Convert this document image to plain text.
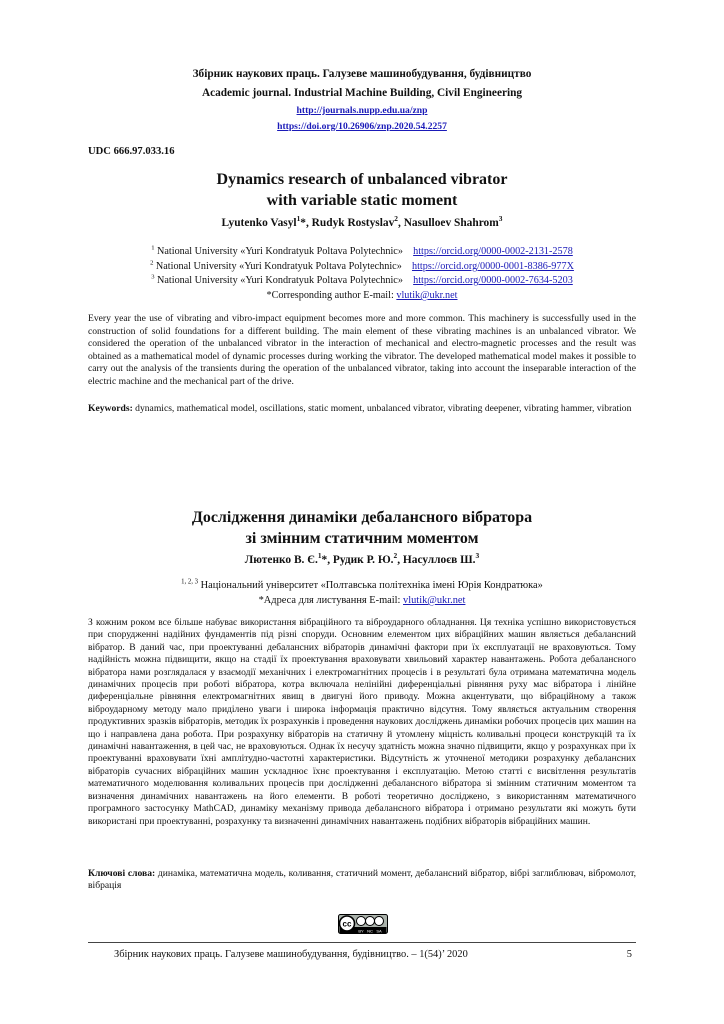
Збірник наукових праць. Галузеве машинобудування, будівництво
Academic journal. Industrial Machine Building, Civil Engineering
http://journals.nupp.edu.ua/znp
https://doi.org/10.26906/znp.2020.54.2257
UDC 666.97.033.16
Dynamics research of unbalanced vibrator
with variable static moment
Lyutenko Vasyl$^1$*, Rudyk Rostyslav$^2$, Nasulloev Shahrom$^3$
$^1$ National University «Yuri Kondratyuk Poltava Polytechnic» https://orcid.org/0000-0002-2131-2578
$^2$ National University «Yuri Kondratyuk Poltava Polytechnic» https://orcid.org/0000-0001-8386-977X
$^3$ National University «Yuri Kondratyuk Poltava Polytechnic» https://orcid.org/0000-0002-7634-5203
*Corresponding author E-mail: vlutik@ukr.net
Every year the use of vibrating and vibro-impact equipment becomes more and more common. This machinery is successfully used in the construction of solid foundations for a different building. The main element of these vibrating machines is an unbalanced vibrator. We considered the operation of the unbalanced vibrator in the interaction of mechanical and electro-magnetic processes and the result was obtained as a mathematical model of dynamic processes during working the vibrator. The developed mathematical model makes it possible to carry out the analysis of the transients during the operation of the unbalanced vibrator, taking into account the inseparable interaction of the electric machine and the mechanical part of the drive.
Keywords: dynamics, mathematical model, oscillations, static moment, unbalanced vibrator, vibrating deepener, vibrating hammer, vibration
Дослідження динаміки дебалансного вібратора
зі змінним статичним моментом
Лютенко В. Є.$^1$*, Рудик Р. Ю.$^2$, Насуллоєв Ш.$^3$
$^{1, 2, 3}$ Національний університет «Полтавська політехніка імені Юрія Кондратюка»
*Адреса для листування E-mail: vlutik@ukr.net
З кожним роком все більше набуває використання вібраційного та віброударного обладнання. Ця техніка успішно використовується при спорудженні надійних фундаментів під різні споруди. Основним елементом цих вібраційних машин являється дебалансний вібратор. В даний час, при проектуванні дебалансних вібраторів динамічні фактори при їх експлуатації не враховуються. Тому надійність можна підвищити, якщо на стадії їх проектування враховувати хвильовий характер навантажень. Робота дебалансного вібратора нами розглядалася у взаємодії механічних і електромагнітних процесів і в результаті була отримана математична модель динамічних процесів при роботі вібратора, котра включала нелінійні диференціальні рівняння руху мас вібратора і лінійне диференціальне рівняння електромагнітних явищ в двигуні його приводу. Можна акцентувати, що вібраційному а також віброударному методу мало приділено уваги і широка інформація практично відсутня. Тому являється актуальним створення продуктивних зразків вібраторів, методик їх розрахунків і проведення наукових досліджень динаміки робочих процесів цих машин на що і направлена дана робота. При розрахунку вібраторів на статичну й утомлену міцність коливальні процеси конструкцій та їх динамічні навантаження, в цей час, не враховуються. Однак їх несучу здатність можна значно підвищити, якщо у розрахунках при їх проектуванні враховувати їхні амплітудно-частотні характеристики. Відсутність ж уточненої методики розрахунку дебалансних вібраторів сучасних вібраційних машин ускладнює їхнє проектування і експлуатацію. Метою статті є висвітлення результатів математичного моделювання коливальних процесів при дослідженні дебалансного вібратора зі змінним статичним моментом та визначення динамічних навантажень на його елементи. В роботі теоретично досліджено, з використанням математичного програмного застосунку MathCAD, динаміку механізму привода дебалансного вібратора і отримано результати які можуть бути використані при проектуванні, розрахунку та визначенні динамічних навантажень подібних вібраторів вібраційних машин.
Ключові слова: динаміка, математична модель, коливання, статичний момент, дебалансний вібратор, вібрі заглиблювач, вібромолот, вібрація
cc
BY NC SA
Збірник наукових праць. Галузеве машинобудування, будівництво. – 1(54)’ 2020	5
